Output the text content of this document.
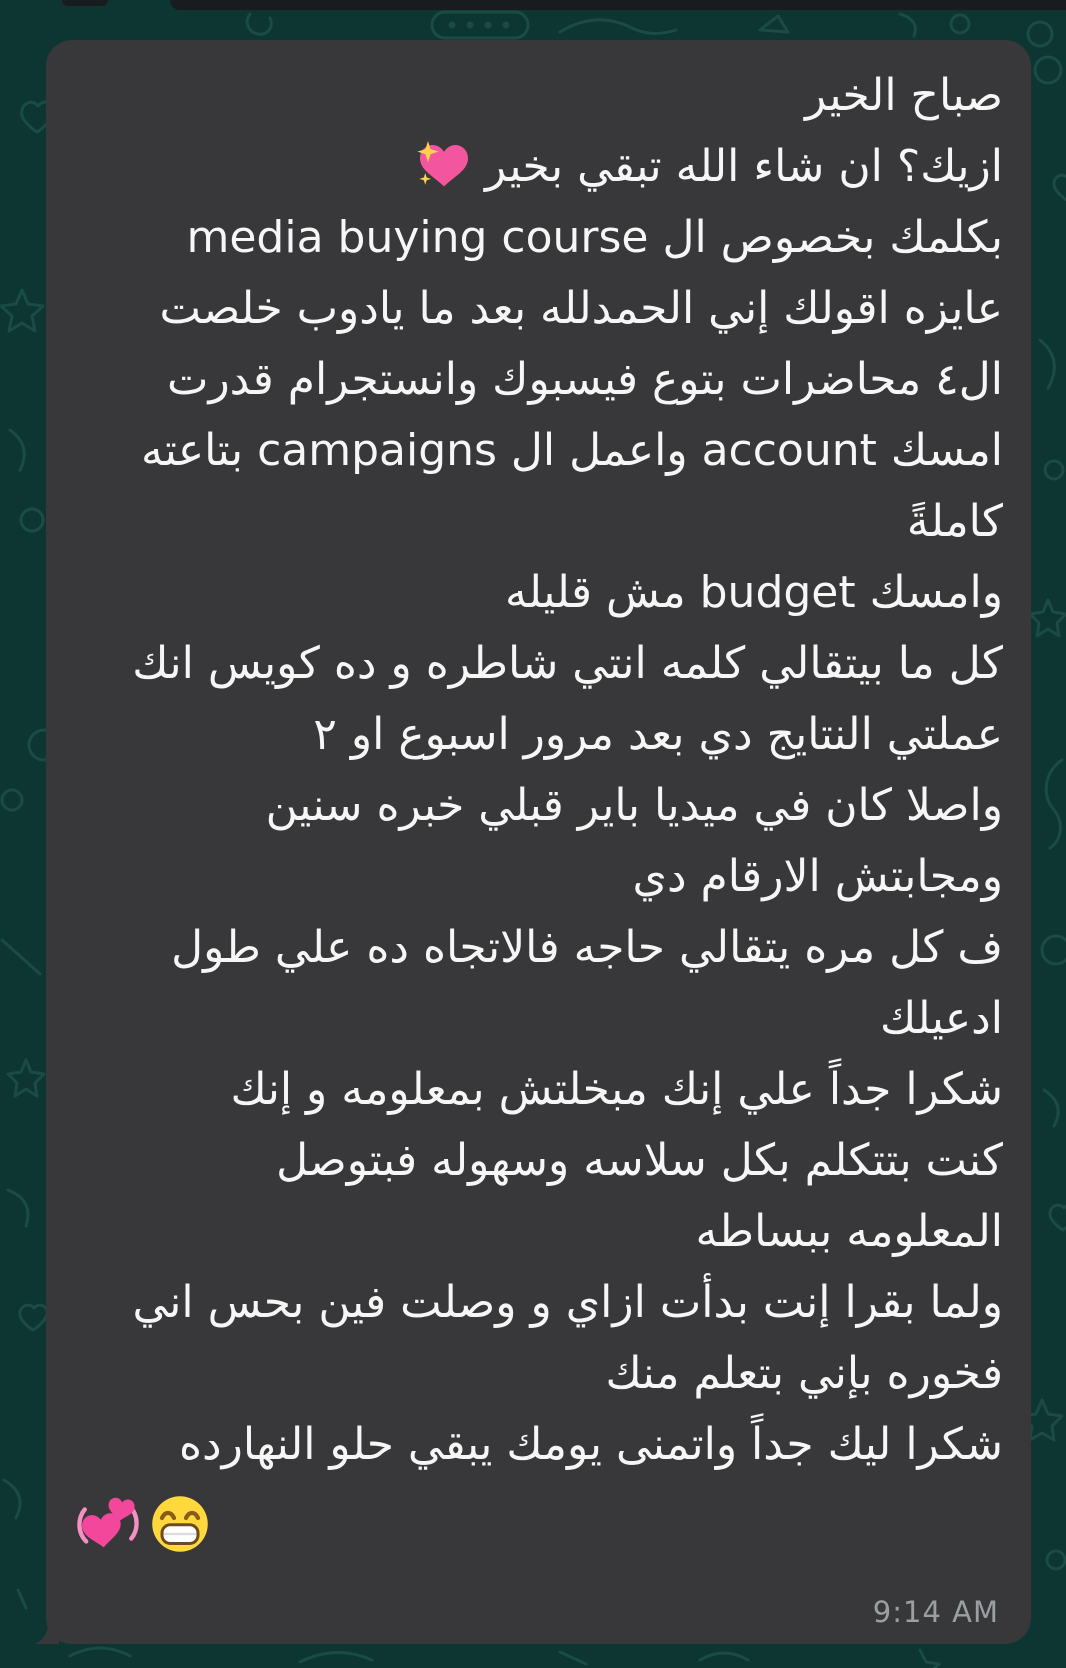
صباح الخير
ازيك؟ ان شاء الله تبقي بخير
بكلمك بخصوص ال media buying course
عايزه اقولك إني الحمدلله بعد ما يادوب خلصت
ال٤ محاضرات بتوع فيسبوك وانستجرام قدرت
امسك account واعمل ال campaigns بتاعته
كاملةً
وامسك budget مش قليله
كل ما بيتقالي كلمه انتي شاطره و ده كويس انك
عملتي النتايج دي بعد مرور اسبوع او ٢
واصلا كان في ميديا باير قبلي خبره سنين
ومجابتش الارقام دي
ف كل مره يتقالي حاجه فالاتجاه ده علي طول
ادعيلك
شكرا جداً علي إنك مبخلتش بمعلومه و إنك
كنت بتتكلم بكل سلاسه وسهوله فبتوصل
المعلومه ببساطه
ولما بقرا إنت بدأت ازاي و وصلت فين بحس اني
فخوره بإني بتعلم منك
شكرا ليك جداً واتمنى يومك يبقي حلو النهارده
9:14 AM
